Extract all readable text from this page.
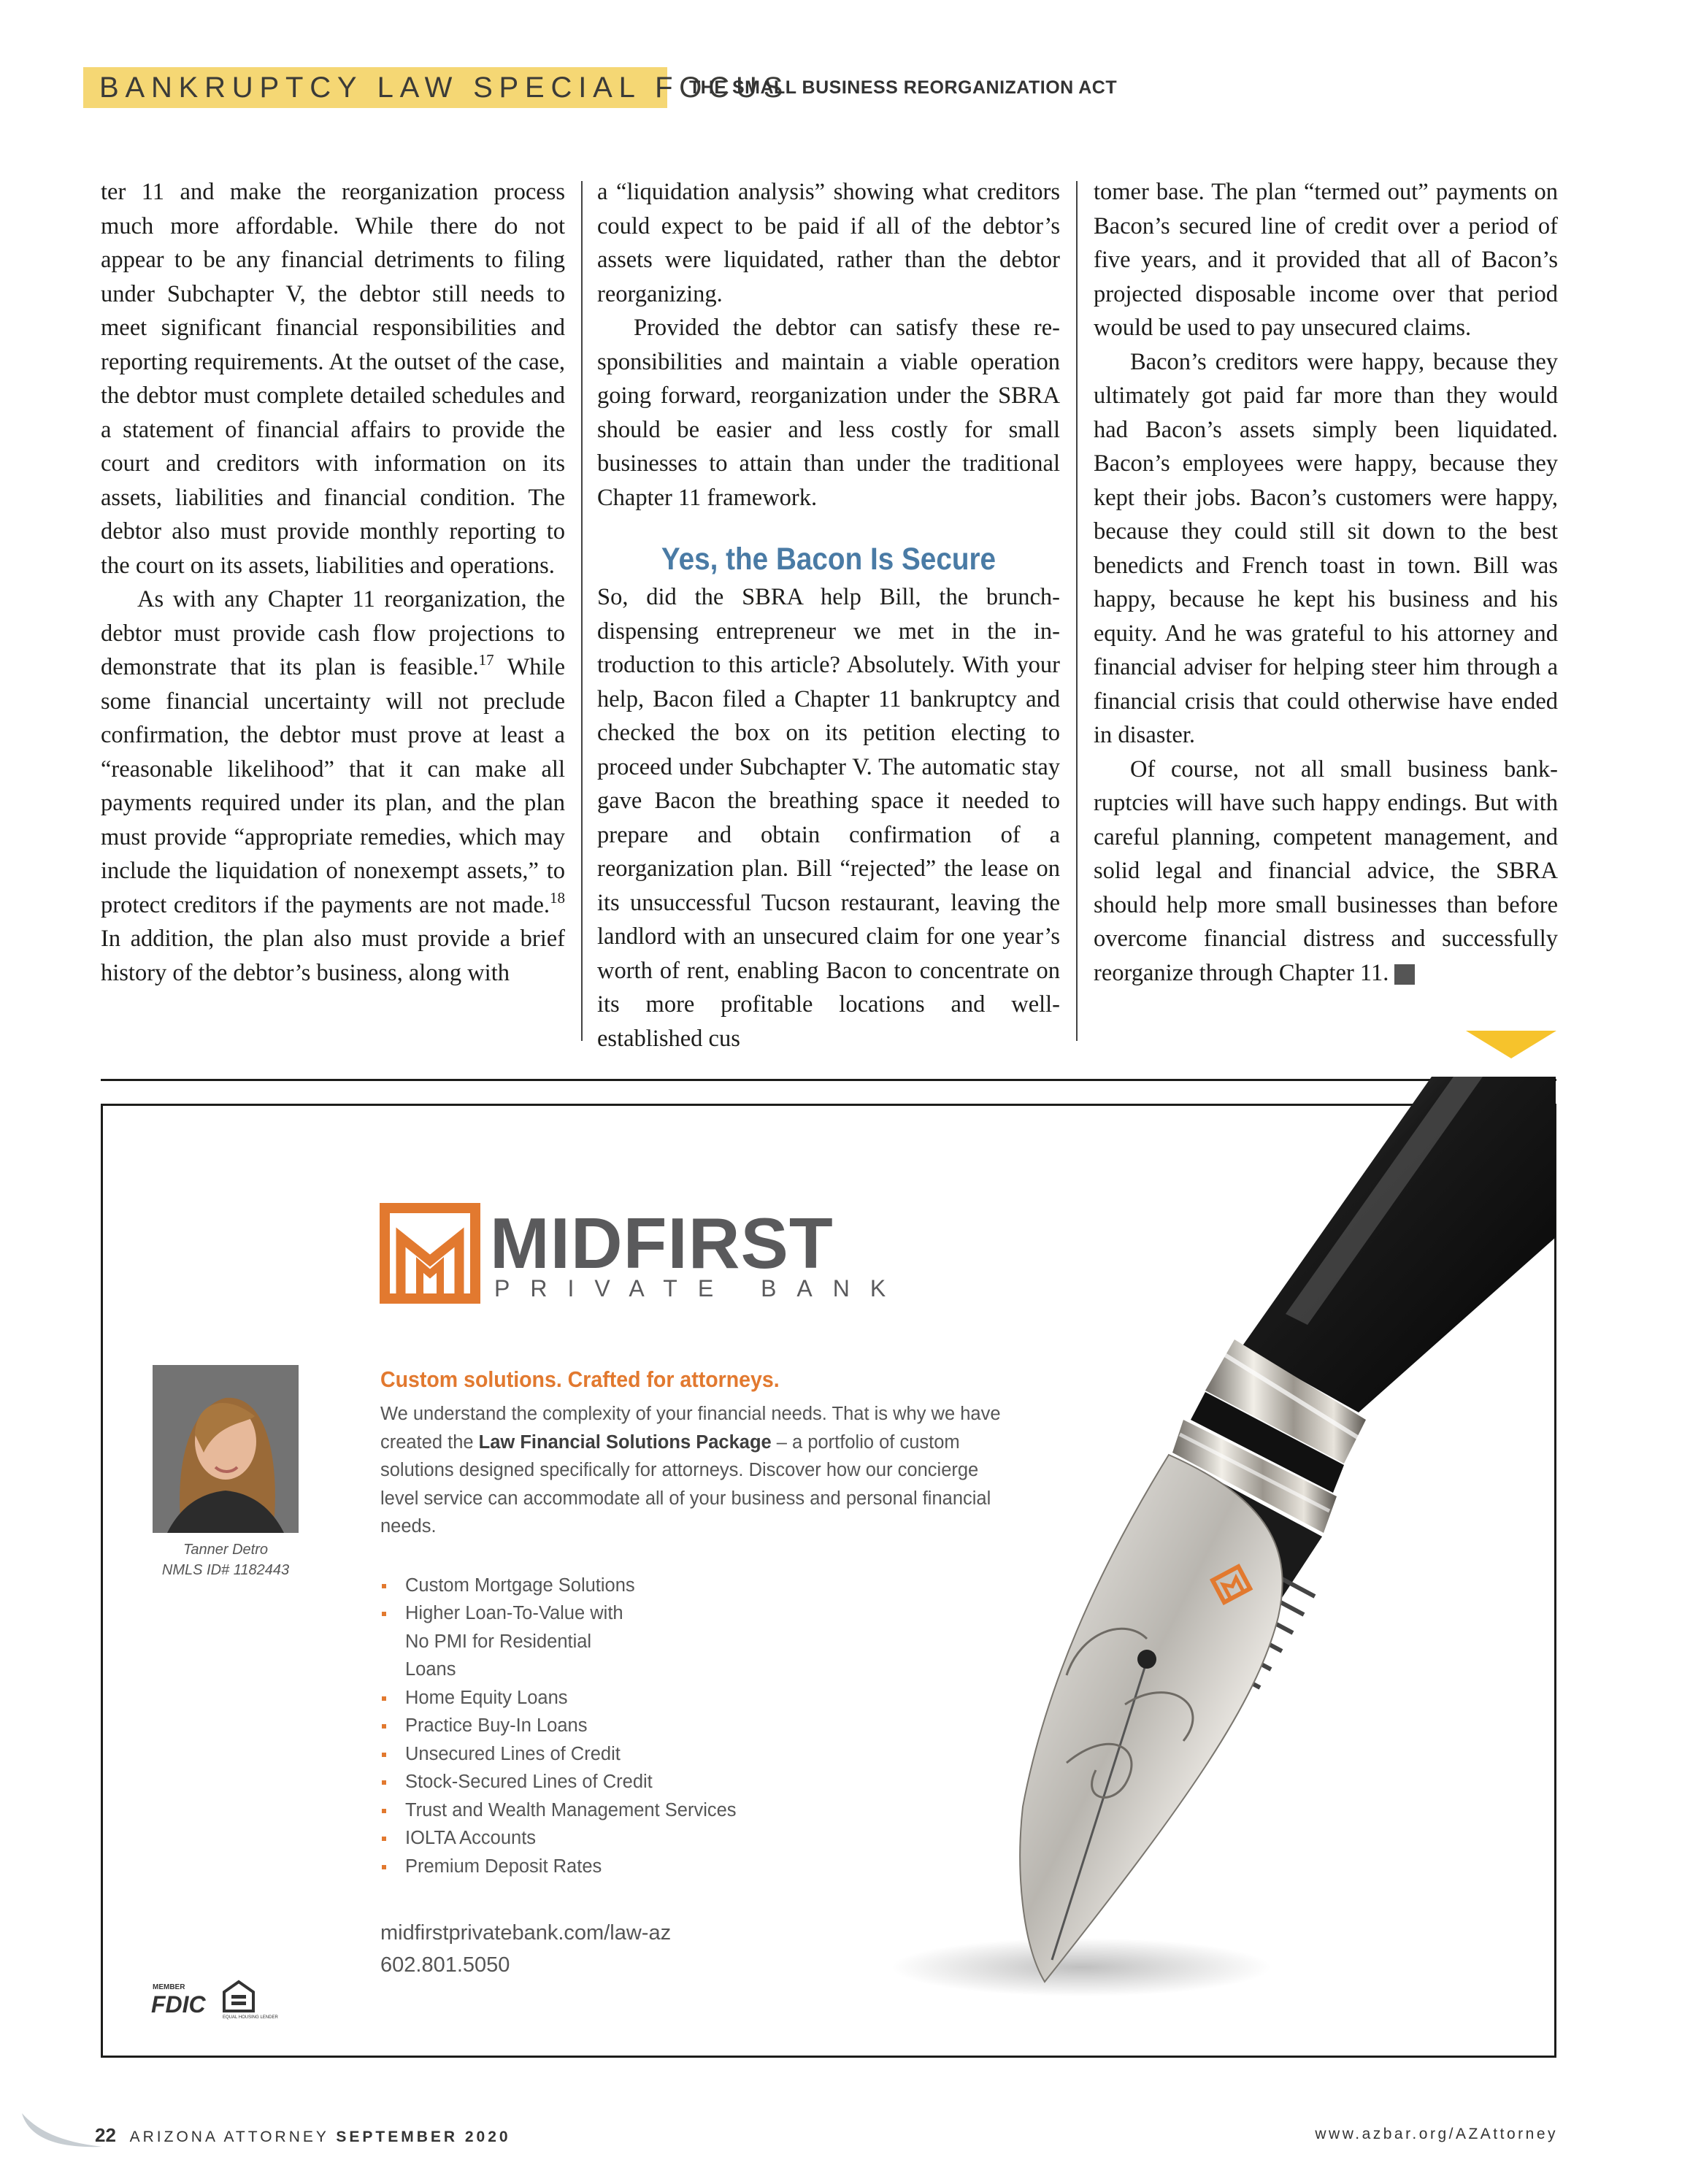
BANKRUPTCY LAW SPECIAL FOCUS
THE SMALL BUSINESS REORGANIZATION ACT

ter 11 and make the reorganization process much more affordable. While there do not appear to be any financial detriments to filing under Subchapter V, the debtor still needs to meet significant financial responsibilities and reporting requirements. At the outset of the case, the debtor must complete detailed schedules and a statement of financial affairs to provide the court and creditors with information on its assets, liabilities and financial condition. The debtor also must provide monthly reporting to the court on its assets, liabilities and operations.

As with any Chapter 11 reorganization, the debtor must provide cash flow projections to demonstrate that its plan is feasible.$^{17}$ While some financial uncertainty will not preclude confirmation, the debtor must prove at least a “reasonable likelihood” that it can make all payments required under its plan, and the plan must provide “appropriate remedies, which may include the liquidation of nonexempt assets,” to protect creditors if the payments are not made.$^{18}$ In addition, the plan also must provide a brief history of the debtor’s business, along with

a “liquidation analysis” showing what creditors could expect to be paid if all of the debtor’s assets were liquidated, rather than the debtor reorganizing.

Provided the debtor can satisfy these responsibilities and maintain a viable operation going forward, reorganization under the SBRA should be easier and less costly for small businesses to attain than under the traditional Chapter 11 framework.

Yes, the Bacon Is Secure

So, did the SBRA help Bill, the brunch-dispensing entrepreneur we met in the introduction to this article? Absolutely. With your help, Bacon filed a Chapter 11 bankruptcy and checked the box on its petition electing to proceed under Subchapter V. The automatic stay gave Bacon the breathing space it needed to prepare and obtain confirmation of a reorganization plan. Bill “rejected” the lease on its unsuccessful Tucson restaurant, leaving the landlord with an unsecured claim for one year’s worth of rent, enabling Bacon to concentrate on its more profitable locations and well-established cus

tomer base. The plan “termed out” payments on Bacon’s secured line of credit over a period of five years, and it provided that all of Bacon’s projected disposable income over that period would be used to pay unsecured claims.

Bacon’s creditors were happy, because they ultimately got paid far more than they would had Bacon’s assets simply been liquidated. Bacon’s employees were happy, because they kept their jobs. Bacon’s customers were happy, because they could still sit down to the best benedicts and French toast in town. Bill was happy, because he kept his business and his equity. And he was grateful to his attorney and financial adviser for helping steer him through a financial crisis that could otherwise have ended in disaster.

Of course, not all small business bankruptcies will have such happy endings. But with careful planning, competent management, and solid legal and financial advice, the SBRA should help more small businesses than before overcome financial distress and successfully reorganize through Chapter 11.	AZ

MIDFIRST
PRIVATE BANK
Tanner Detro
NMLS ID# 1182443
Custom solutions. Crafted for attorneys.
We understand the complexity of your financial needs. That is why we have created the Law Financial Solutions Package – a portfolio of custom solutions designed specifically for attorneys. Discover how our concierge level service can accommodate all of your business and personal financial needs.
Custom Mortgage Solutions
Higher Loan-To-Value with No PMI for Residential Loans
Home Equity Loans
Practice Buy-In Loans
Unsecured Lines of Credit
Stock-Secured Lines of Credit
Trust and Wealth Management Services
IOLTA Accounts
Premium Deposit Rates
midfirstprivatebank.com/law-az
602.801.5050
MEMBER
FDIC	EQUAL HOUSING LENDER
22 ARIZONA ATTORNEY SEPTEMBER 2020	www.azbar.org/AZAttorney
